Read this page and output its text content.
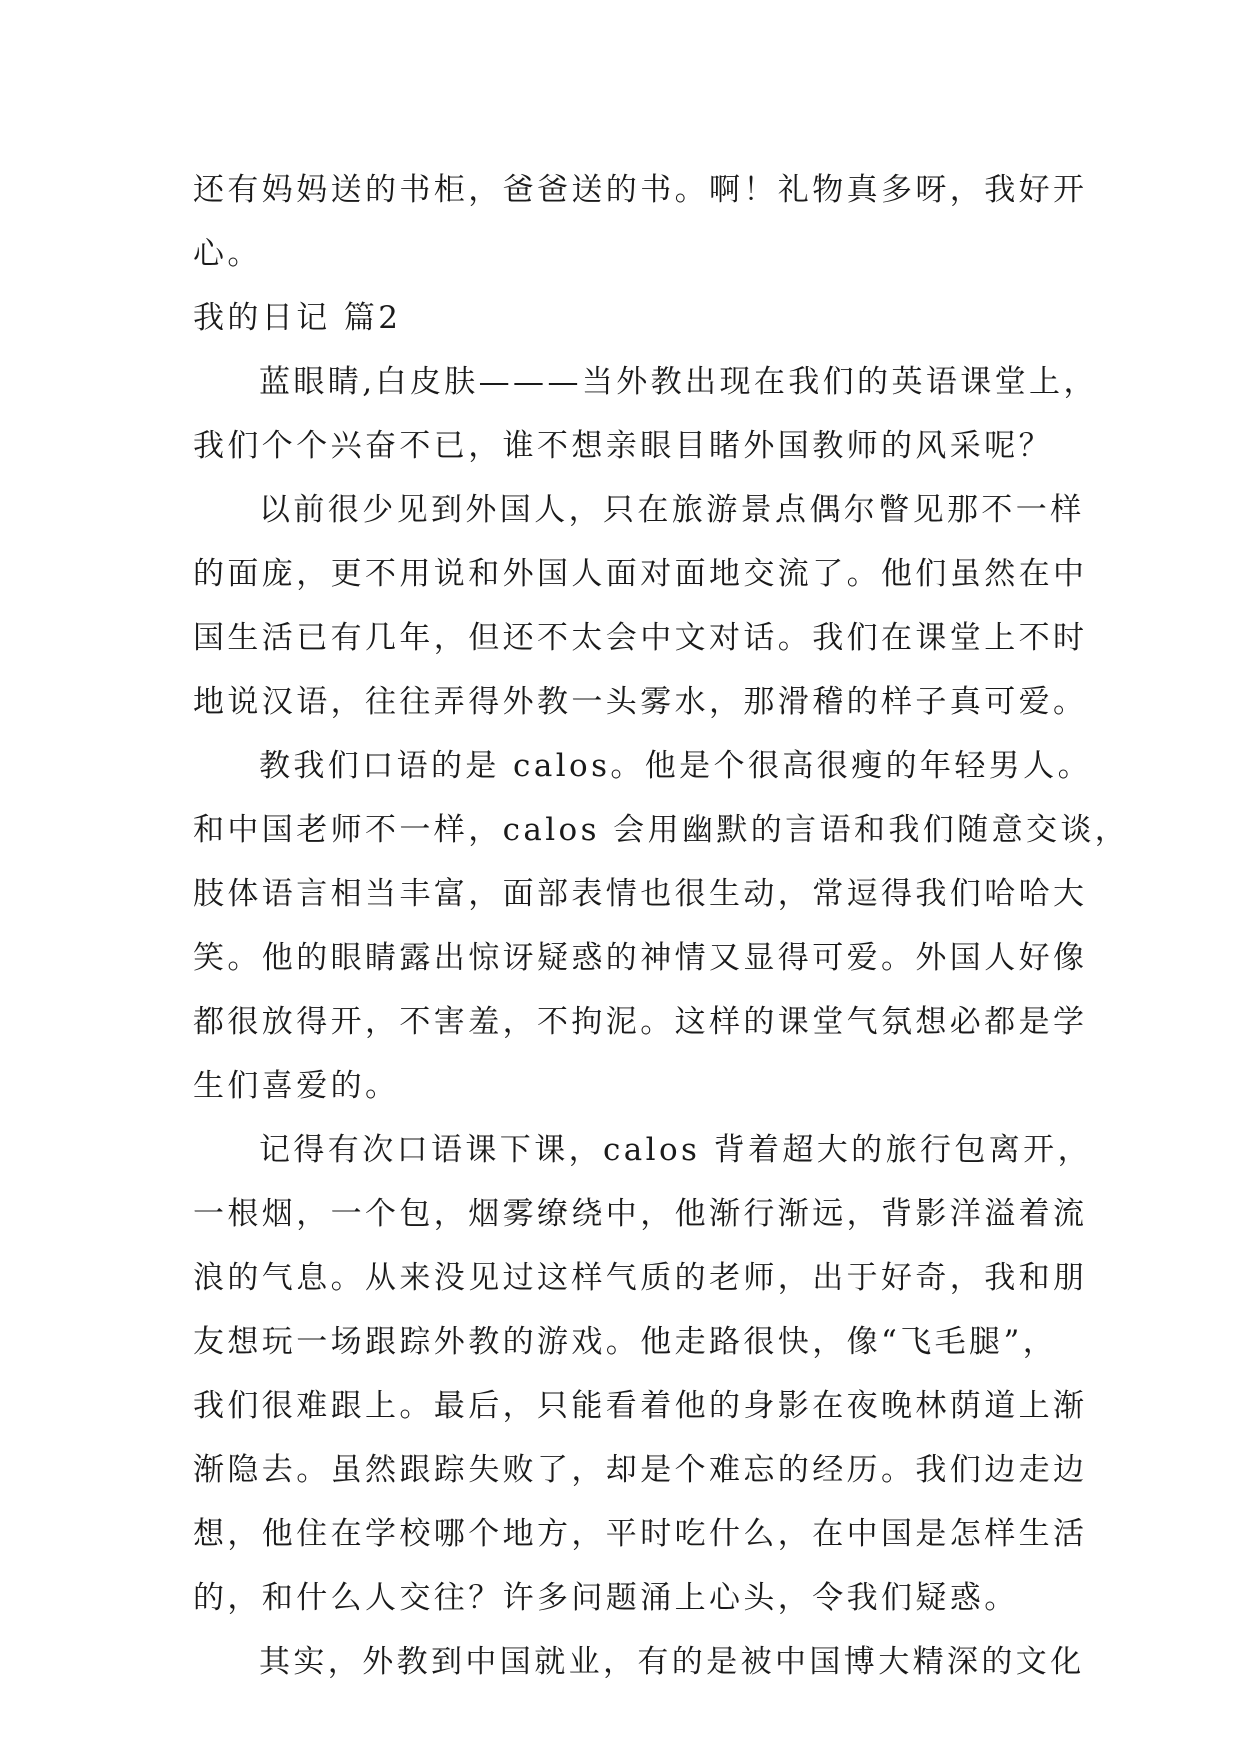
还有妈妈送的书柜，爸爸送的书。啊！礼物真多呀，我好开
心。
我的日记 篇2
蓝眼睛,白皮肤———当外教出现在我们的英语课堂上，
我们个个兴奋不已，谁不想亲眼目睹外国教师的风采呢？
以前很少见到外国人，只在旅游景点偶尔瞥见那不一样
的面庞，更不用说和外国人面对面地交流了。他们虽然在中
国生活已有几年，但还不太会中文对话。我们在课堂上不时
地说汉语，往往弄得外教一头雾水，那滑稽的样子真可爱。
教我们口语的是 calos。他是个很高很瘦的年轻男人。
和中国老师不一样，calos 会用幽默的言语和我们随意交谈，
肢体语言相当丰富，面部表情也很生动，常逗得我们哈哈大
笑。他的眼睛露出惊讶疑惑的神情又显得可爱。外国人好像
都很放得开，不害羞，不拘泥。这样的课堂气氛想必都是学
生们喜爱的。
记得有次口语课下课，calos 背着超大的旅行包离开，
一根烟，一个包，烟雾缭绕中，他渐行渐远，背影洋溢着流
浪的气息。从来没见过这样气质的老师，出于好奇，我和朋
友想玩一场跟踪外教的游戏。他走路很快，像“飞毛腿”，
我们很难跟上。最后，只能看着他的身影在夜晚林荫道上渐
渐隐去。虽然跟踪失败了，却是个难忘的经历。我们边走边
想，他住在学校哪个地方，平时吃什么，在中国是怎样生活
的，和什么人交往？许多问题涌上心头，令我们疑惑。
其实，外教到中国就业，有的是被中国博大精深的文化
